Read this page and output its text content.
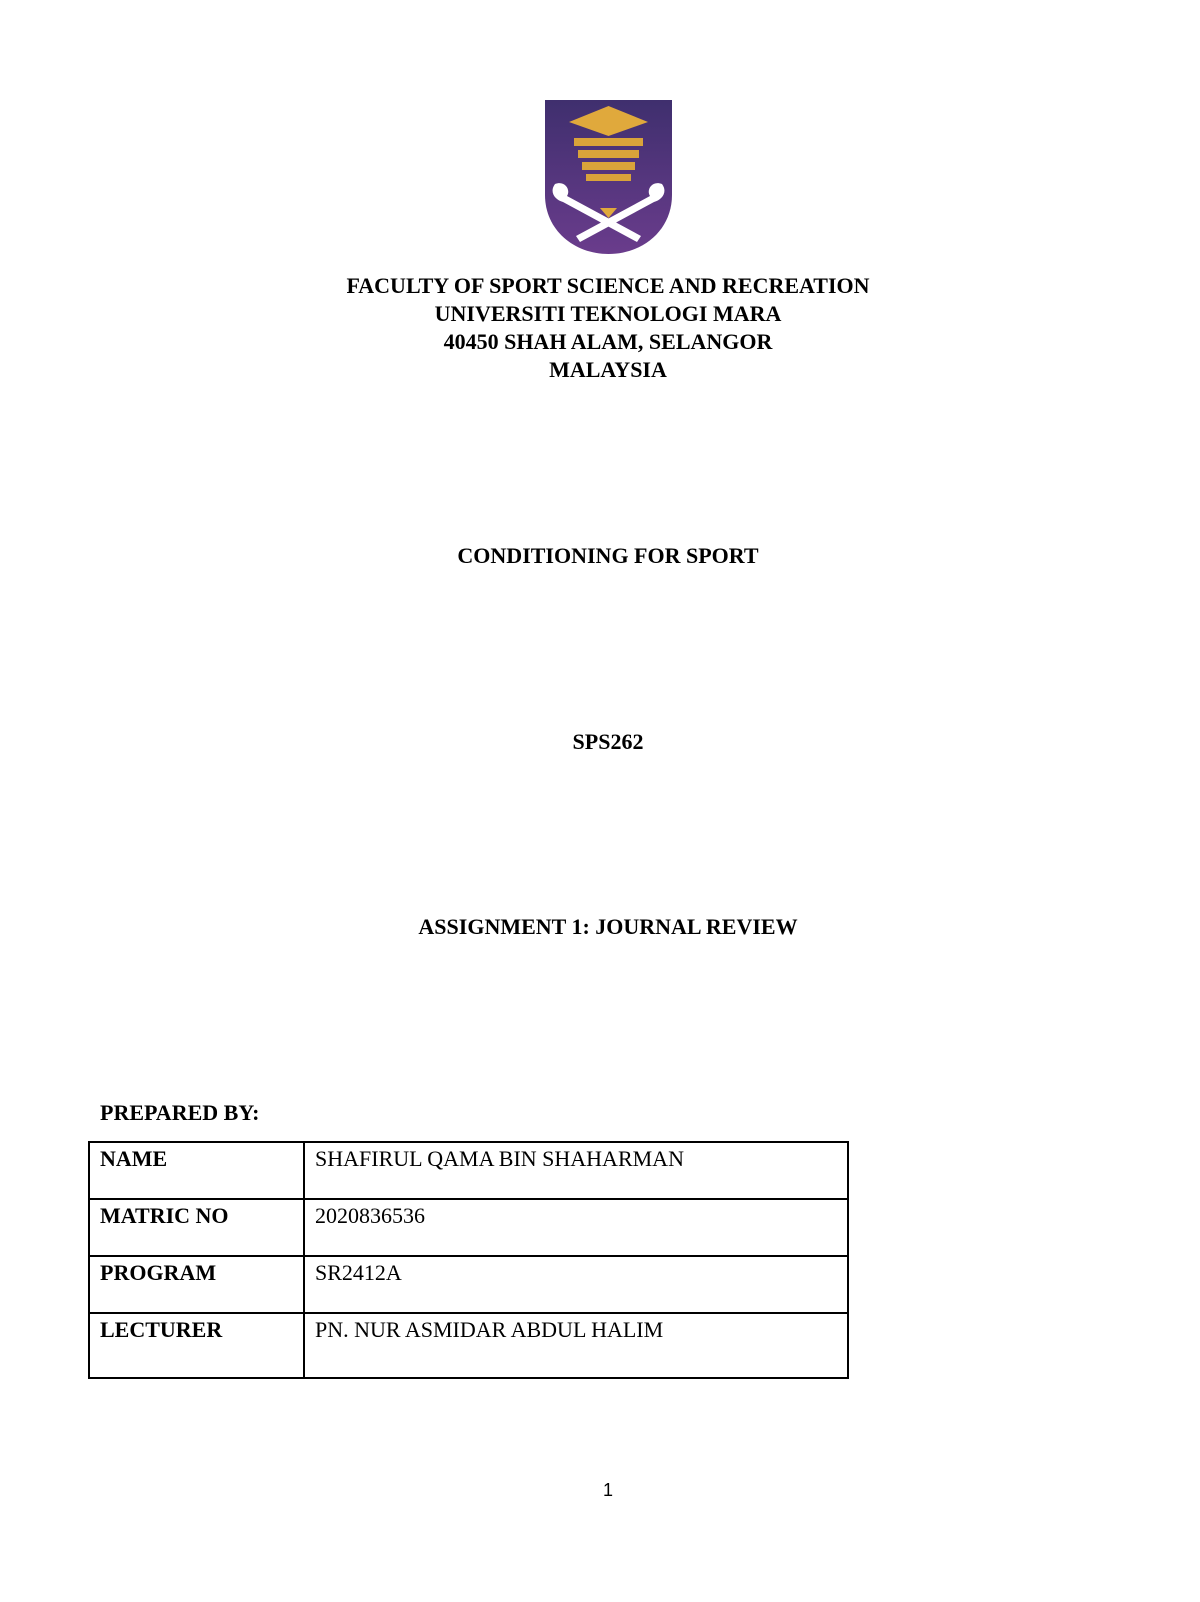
FACULTY OF SPORT SCIENCE AND RECREATION
UNIVERSITI TEKNOLOGI MARA
40450 SHAH ALAM, SELANGOR
MALAYSIA
CONDITIONING FOR SPORT
SPS262
ASSIGNMENT 1: JOURNAL REVIEW
PREPARED BY:
NAME	SHAFIRUL QAMA BIN SHAHARMAN
MATRIC NO	2020836536
PROGRAM	SR2412A
LECTURER	PN. NUR ASMIDAR ABDUL HALIM
1
